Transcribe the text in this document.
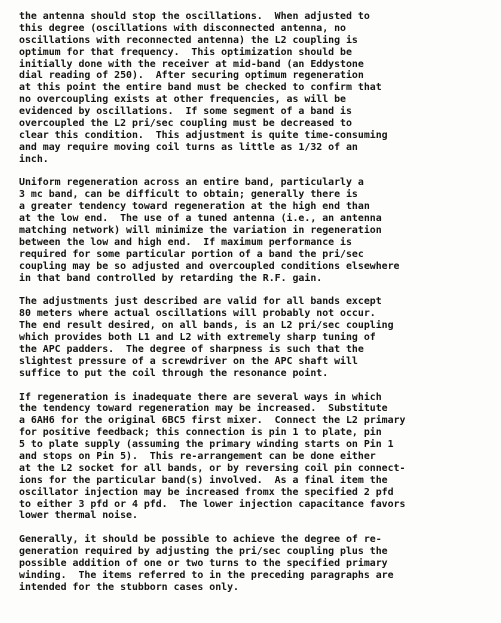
the antenna should stop the oscillations.  When adjusted to
this degree (oscillations with disconnected antenna, no
oscillations with reconnected antenna) the L2 coupling is
optimum for that frequency.  This optimization should be
initially done with the receiver at mid-band (an Eddystone
dial reading of 250).  After securing optimum regeneration
at this point the entire band must be checked to confirm that
no overcoupling exists at other frequencies, as will be
evidenced by oscillations.  If some segment of a band is
overcoupled the L2 pri/sec coupling must be decreased to
clear this condition.  This adjustment is quite time-consuming
and may require moving coil turns as little as 1/32 of an
inch.
Uniform regeneration across an entire band, particularly a
3 mc band, can be difficult to obtain; generally there is
a greater tendency toward regeneration at the high end than
at the low end.  The use of a tuned antenna (i.e., an antenna
matching network) will minimize the variation in regeneration
between the low and high end.  If maximum performance is
required for some particular portion of a band the pri/sec
coupling may be so adjusted and overcoupled conditions elsewhere
in that band controlled by retarding the R.F. gain.
The adjustments just described are valid for all bands except
80 meters where actual oscillations will probably not occur.
The end result desired, on all bands, is an L2 pri/sec coupling
which provides both L1 and L2 with extremely sharp tuning of
the APC padders.  The degree of sharpness is such that the
slightest pressure of a screwdriver on the APC shaft will
suffice to put the coil through the resonance point.
If regeneration is inadequate there are several ways in which
the tendency toward regeneration may be increased.  Substitute
a 6AH6 for the original 6BC5 first mixer.  Connect the L2 primary
for positive feedback; this connection is pin 1 to plate, pin
5 to plate supply (assuming the primary winding starts on Pin 1
and stops on Pin 5).  This re-arrangement can be done either
at the L2 socket for all bands, or by reversing coil pin connect-
ions for the particular band(s) involved.  As a final item the
oscillator injection may be increased fromx the specified 2 pfd
to either 3 pfd or 4 pfd.  The lower injection capacitance favors
lower thermal noise.
Generally, it should be possible to achieve the degree of re-
generation required by adjusting the pri/sec coupling plus the
possible addition of one or two turns to the specified primary
winding.  The items referred to in the preceding paragraphs are
intended for the stubborn cases only.
